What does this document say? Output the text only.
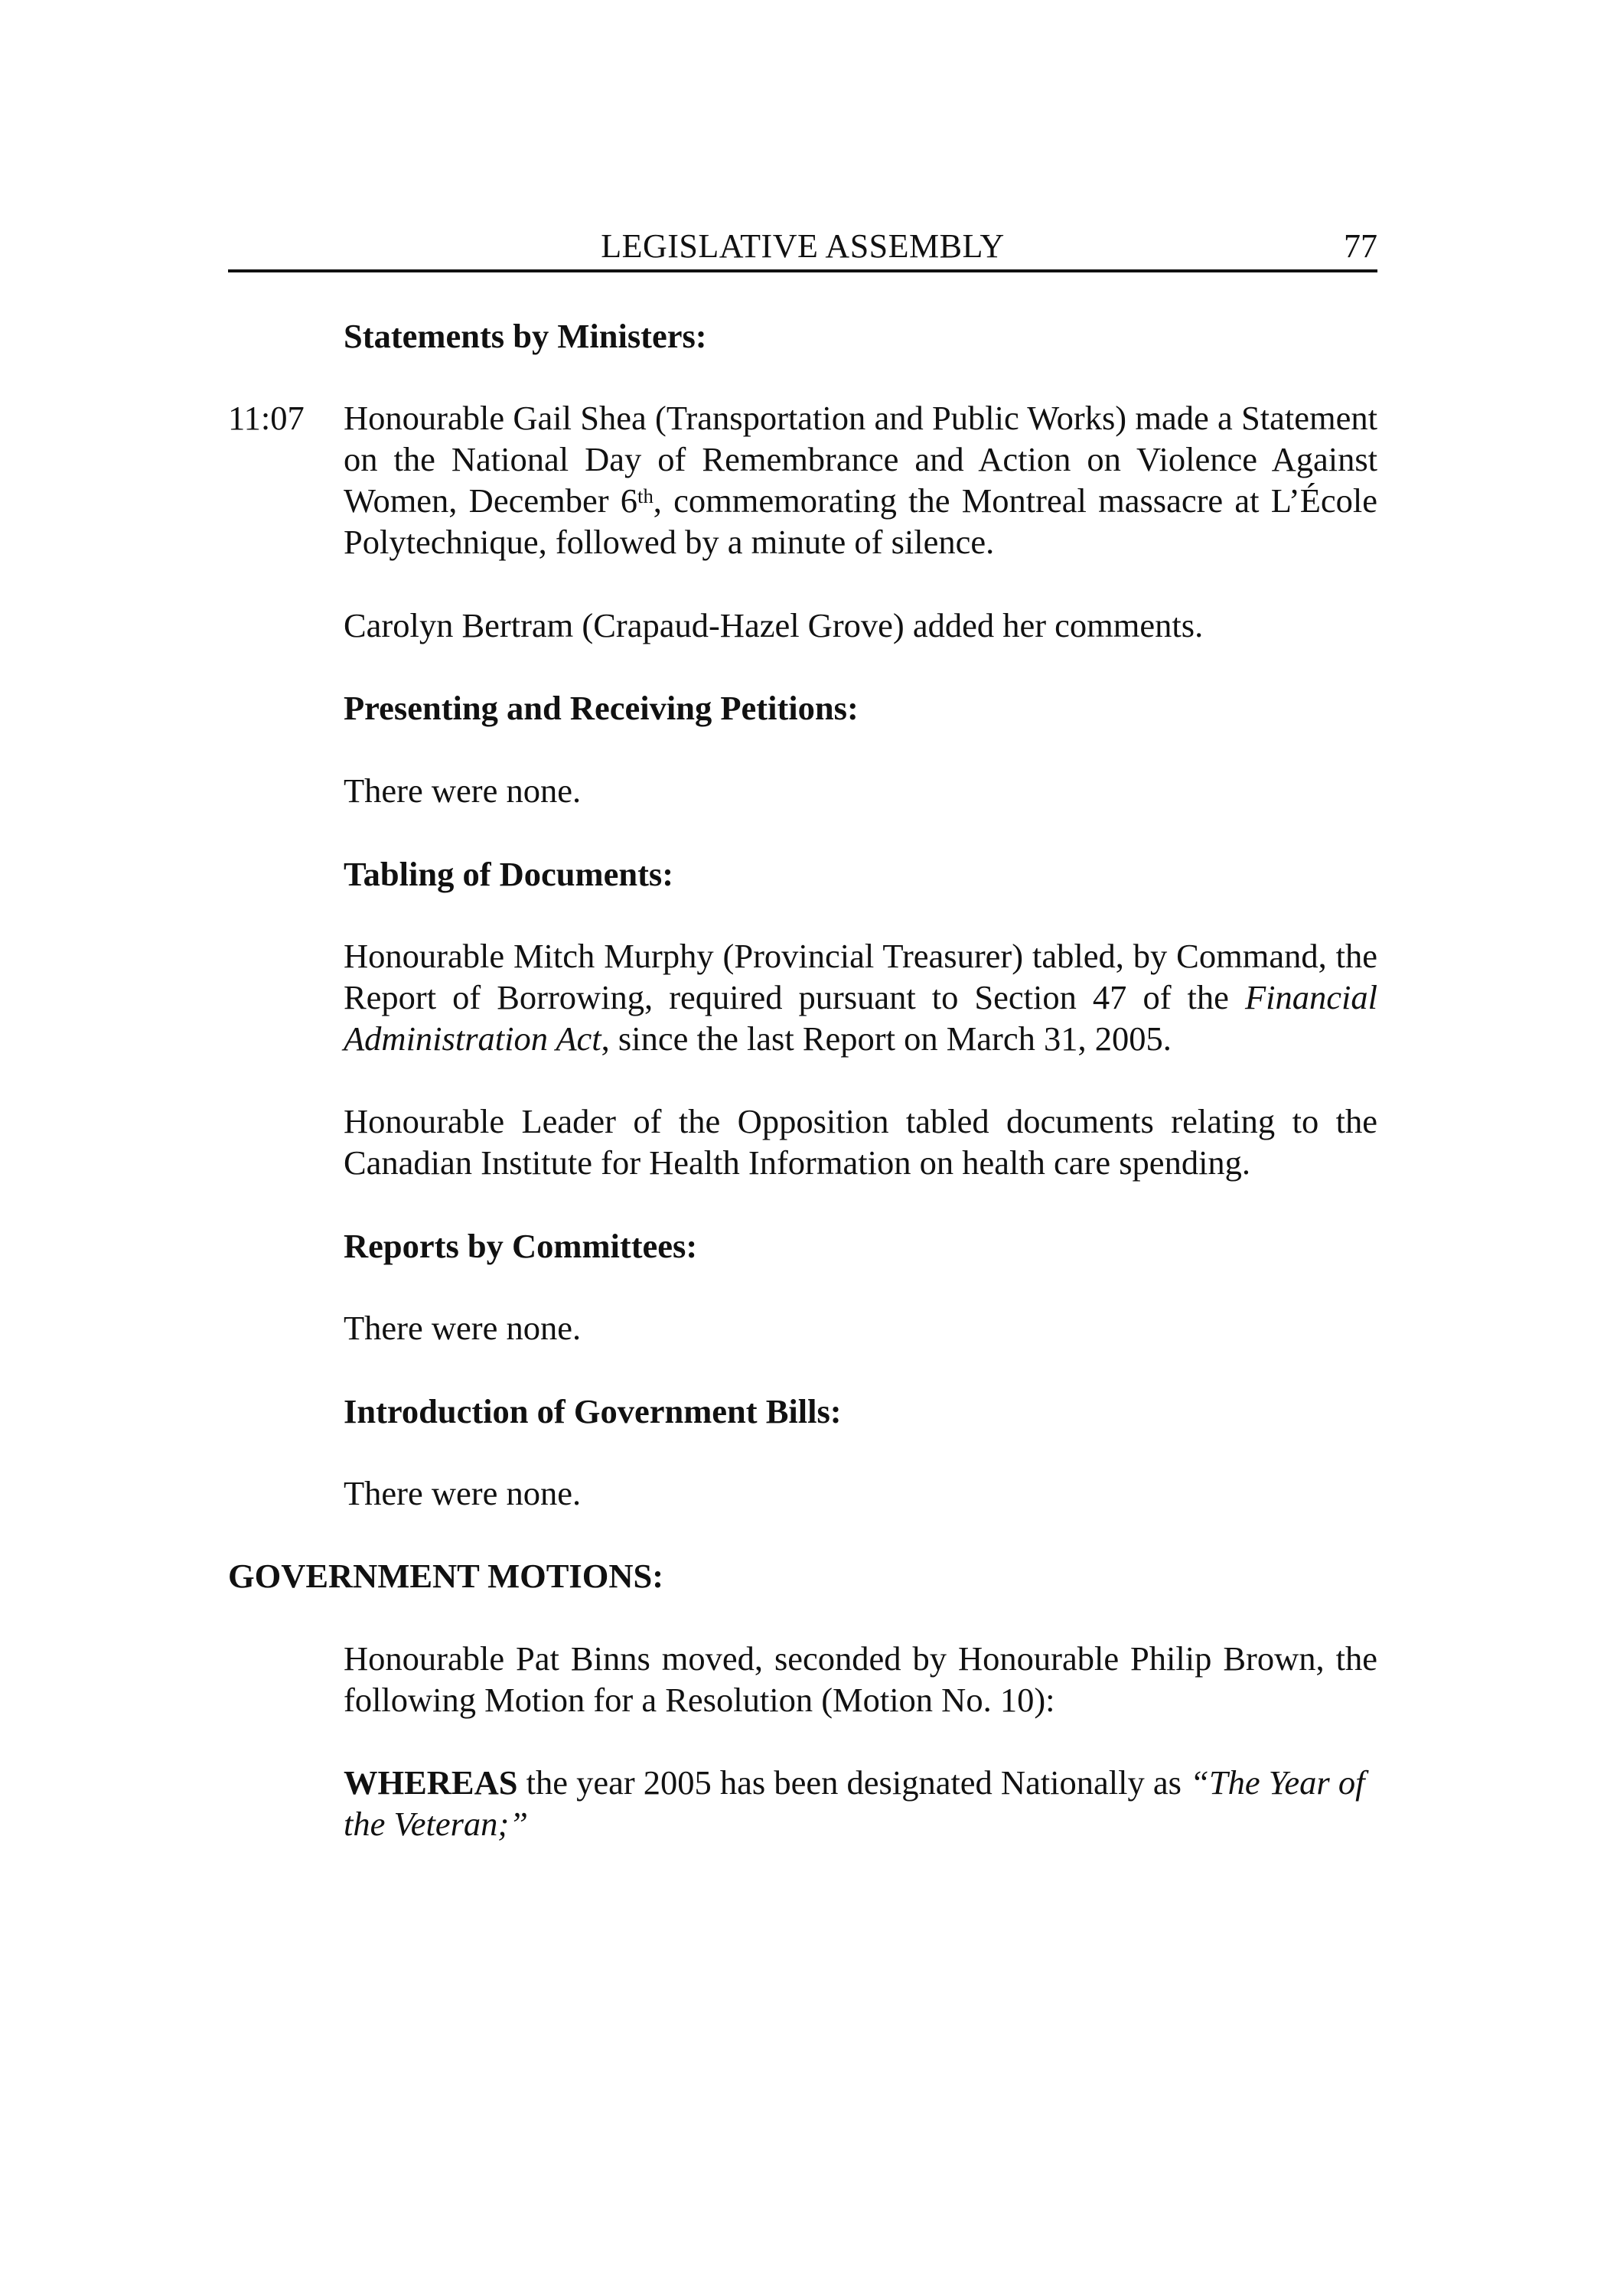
LEGISLATIVE ASSEMBLY	77
Statements by Ministers:
11:07 Honourable Gail Shea (Transportation and Public Works) made a Statement on the National Day of Remembrance and Action on Violence Against Women, December 6th, commemorating the Montreal massacre at L’École Polytechnique, followed by a minute of silence.
Carolyn Bertram (Crapaud-Hazel Grove) added her comments.
Presenting and Receiving Petitions:
There were none.
Tabling of Documents:
Honourable Mitch Murphy (Provincial Treasurer) tabled, by Command, the Report of Borrowing, required pursuant to Section 47 of the Financial Administration Act, since the last Report on March 31, 2005.
Honourable Leader of the Opposition tabled documents relating to the Canadian Institute for Health Information on health care spending.
Reports by Committees:
There were none.
Introduction of Government Bills:
There were none.
GOVERNMENT MOTIONS:
Honourable Pat Binns moved, seconded by Honourable Philip Brown, the following Motion for a Resolution (Motion No. 10):
WHEREAS the year 2005 has been designated Nationally as “The Year of the Veteran;”
